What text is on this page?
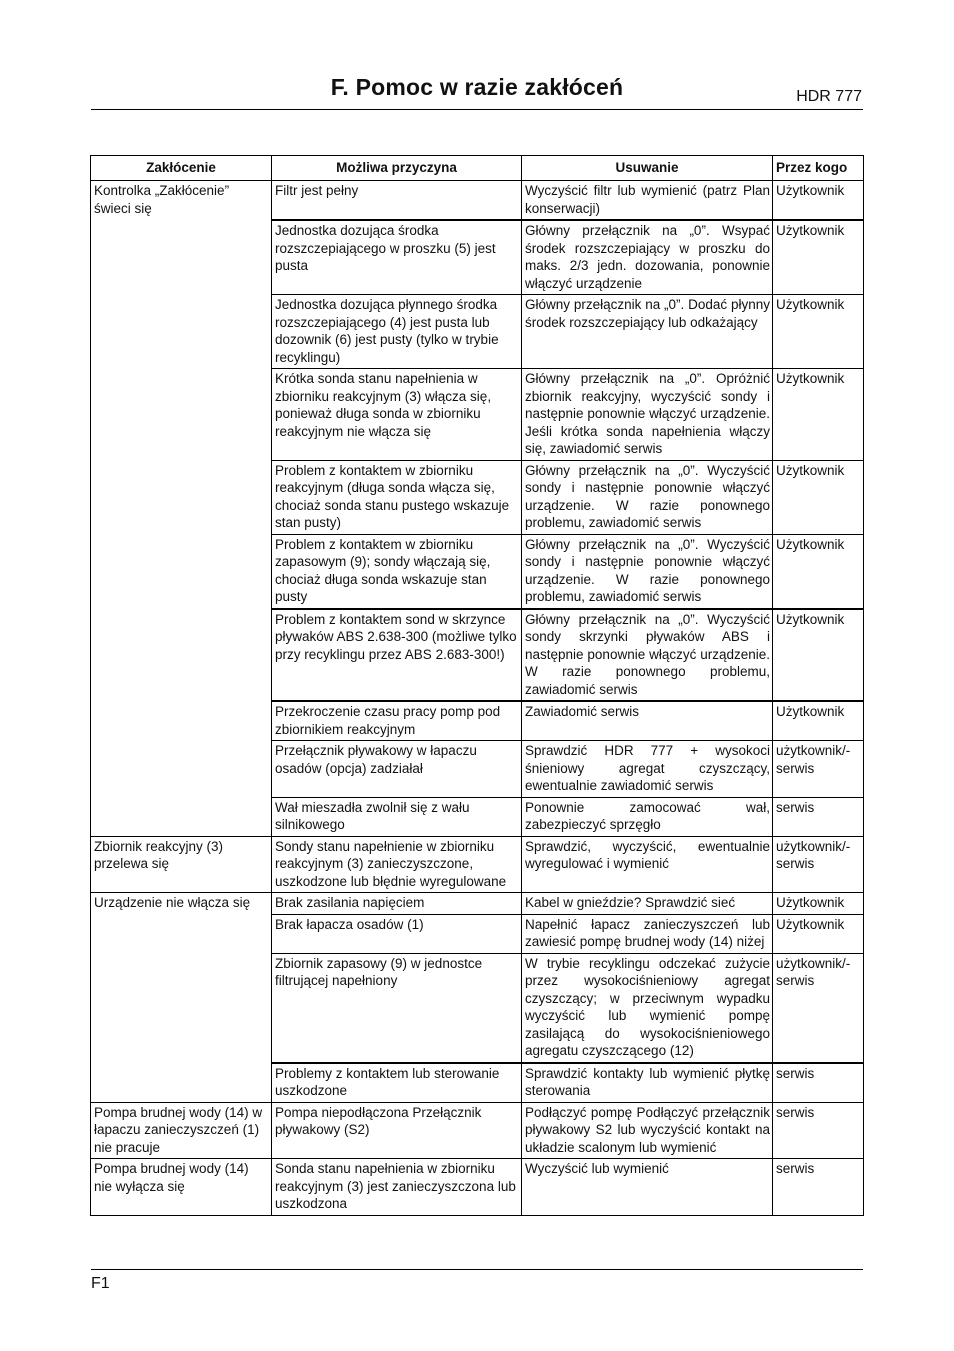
F. Pomoc w razie zakłóceń	HDR 777
Zakłócenie	Możliwa przyczyna	Usuwanie	Przez kogo
Kontrolka „Zakłócenie” świeci się	Filtr jest pełny	Wyczyścić filtr lub wymienić (patrz Plan konserwacji)	Użytkownik
	Jednostka dozująca środka rozszczepiającego w proszku (5) jest pusta	Główny przełącznik na „0”. Wsypać środek rozszczepiający w proszku do maks. 2/3 jedn. dozowania, ponownie włączyć urządzenie	Użytkownik
	Jednostka dozująca płynnego środka rozszczepiającego (4) jest pusta lub dozownik (6) jest pusty (tylko w trybie recyklingu)	Główny przełącznik na „0”. Dodać płynny środek rozszczepiający lub odkażający	Użytkownik
	Krótka sonda stanu napełnienia w zbiorniku reakcyjnym (3) włącza się, ponieważ długa sonda w zbiorniku reakcyjnym nie włącza się	Główny przełącznik na „0”. Opróżnić zbiornik reakcyjny, wyczyścić sondy i następnie ponownie włączyć urządzenie. Jeśli krótka sonda napełnienia włączy się, zawiadomić serwis	Użytkownik
	Problem z kontaktem w zbiorniku reakcyjnym (długa sonda włącza się, chociaż sonda stanu pustego wskazuje stan pusty)	Główny przełącznik na „0”. Wyczyścić sondy i następnie ponownie włączyć urządzenie. W razie ponownego problemu, zawiadomić serwis	Użytkownik
	Problem z kontaktem w zbiorniku zapasowym (9); sondy włączają się, chociaż długa sonda wskazuje stan pusty	Główny przełącznik na „0”. Wyczyścić sondy i następnie ponownie włączyć urządzenie. W razie ponownego problemu, zawiadomić serwis	Użytkownik
	Problem z kontaktem sond w skrzynce pływaków ABS 2.638-300 (możliwe tylko przy recyklingu przez ABS 2.683-300!)	Główny przełącznik na „0”. Wyczyścić sondy skrzynki pływaków ABS i następnie ponownie włączyć urządzenie. W razie ponownego problemu, zawiadomić serwis	Użytkownik
	Przekroczenie czasu pracy pomp pod zbiornikiem reakcyjnym	Zawiadomić serwis	Użytkownik
	Przełącznik pływakowy w łapaczu osadów (opcja) zadziałał	Sprawdzić HDR 777 + wysokoci śnieniowy agregat czyszczący, ewentualnie zawiadomić serwis	użytkownik/-serwis
	Wał mieszadła zwolnił się z wału silnikowego	Ponownie zamocować wał, zabezpieczyć sprzęgło	serwis
Zbiornik reakcyjny (3) przelewa się	Sondy stanu napełnienie w zbiorniku reakcyjnym (3) zanieczyszczone, uszkodzone lub błędnie wyregulowane	Sprawdzić, wyczyścić, ewentualnie wyregulować i wymienić	użytkownik/-serwis
Urządzenie nie włącza się	Brak zasilania napięciem	Kabel w gnieździe? Sprawdzić sieć	Użytkownik
	Brak łapacza osadów (1)	Napełnić łapacz zanieczyszczeń lub zawiesić pompę brudnej wody (14) niżej	Użytkownik
	Zbiornik zapasowy (9) w jednostce filtrującej napełniony	W trybie recyklingu odczekać zużycie przez wysokociśnieniowy agregat czyszczący; w przeciwnym wypadku wyczyścić lub wymienić pompę zasilającą do wysokociśnieniowego agregatu czyszczącego (12)	użytkownik/-serwis
	Problemy z kontaktem lub sterowanie uszkodzone	Sprawdzić kontakty lub wymienić płytkę sterowania	serwis
Pompa brudnej wody (14) w łapaczu zanieczyszczeń (1) nie pracuje	Pompa niepodłączona Przełącznik pływakowy (S2)	Podłączyć pompę Podłączyć przełącznik pływakowy S2 lub wyczyścić kontakt na układzie scalonym lub wymienić	serwis
Pompa brudnej wody (14) nie wyłącza się	Sonda stanu napełnienia w zbiorniku reakcyjnym (3) jest zanieczyszczona lub uszkodzona	Wyczyścić lub wymienić	serwis
F1
